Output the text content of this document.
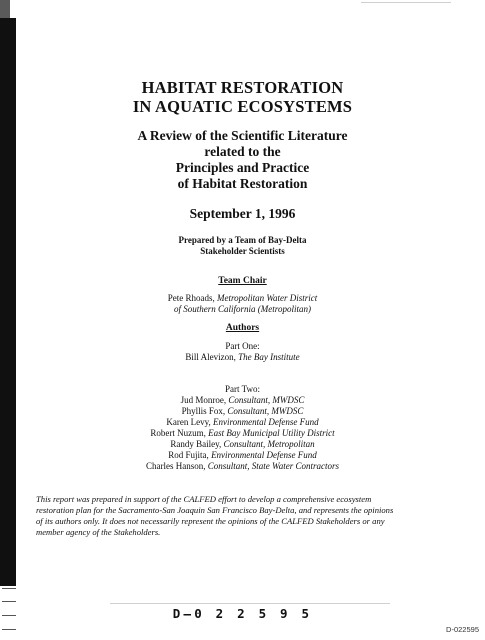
HABITAT RESTORATION
IN AQUATIC ECOSYSTEMS
A Review of the Scientific Literature
related to the
Principles and Practice
of Habitat Restoration
September 1, 1996
Prepared by a Team of Bay-Delta
Stakeholder Scientists
Team Chair
Pete Rhoads, Metropolitan Water District
of Southern California (Metropolitan)
Authors
Part One:
Bill Alevizon, The Bay Institute
Part Two:
Jud Monroe, Consultant, MWDSC
Phyllis Fox, Consultant, MWDSC
Karen Levy, Environmental Defense Fund
Robert Nuzum, East Bay Municipal Utility District
Randy Bailey, Consultant, Metropolitan
Rod Fujita, Environmental Defense Fund
Charles Hanson, Consultant, State Water Contractors
This report was prepared in support of the CALFED effort to develop a comprehensive ecosystem
restoration plan for the Sacramento-San Joaquin San Francisco Bay-Delta, and represents the opinions
of its authors only. It does not necessarily represent the opinions of the CALFED Stakeholders or any
member agency of the Stakeholders.
D—0 2 2 5 9 5
D-022595
